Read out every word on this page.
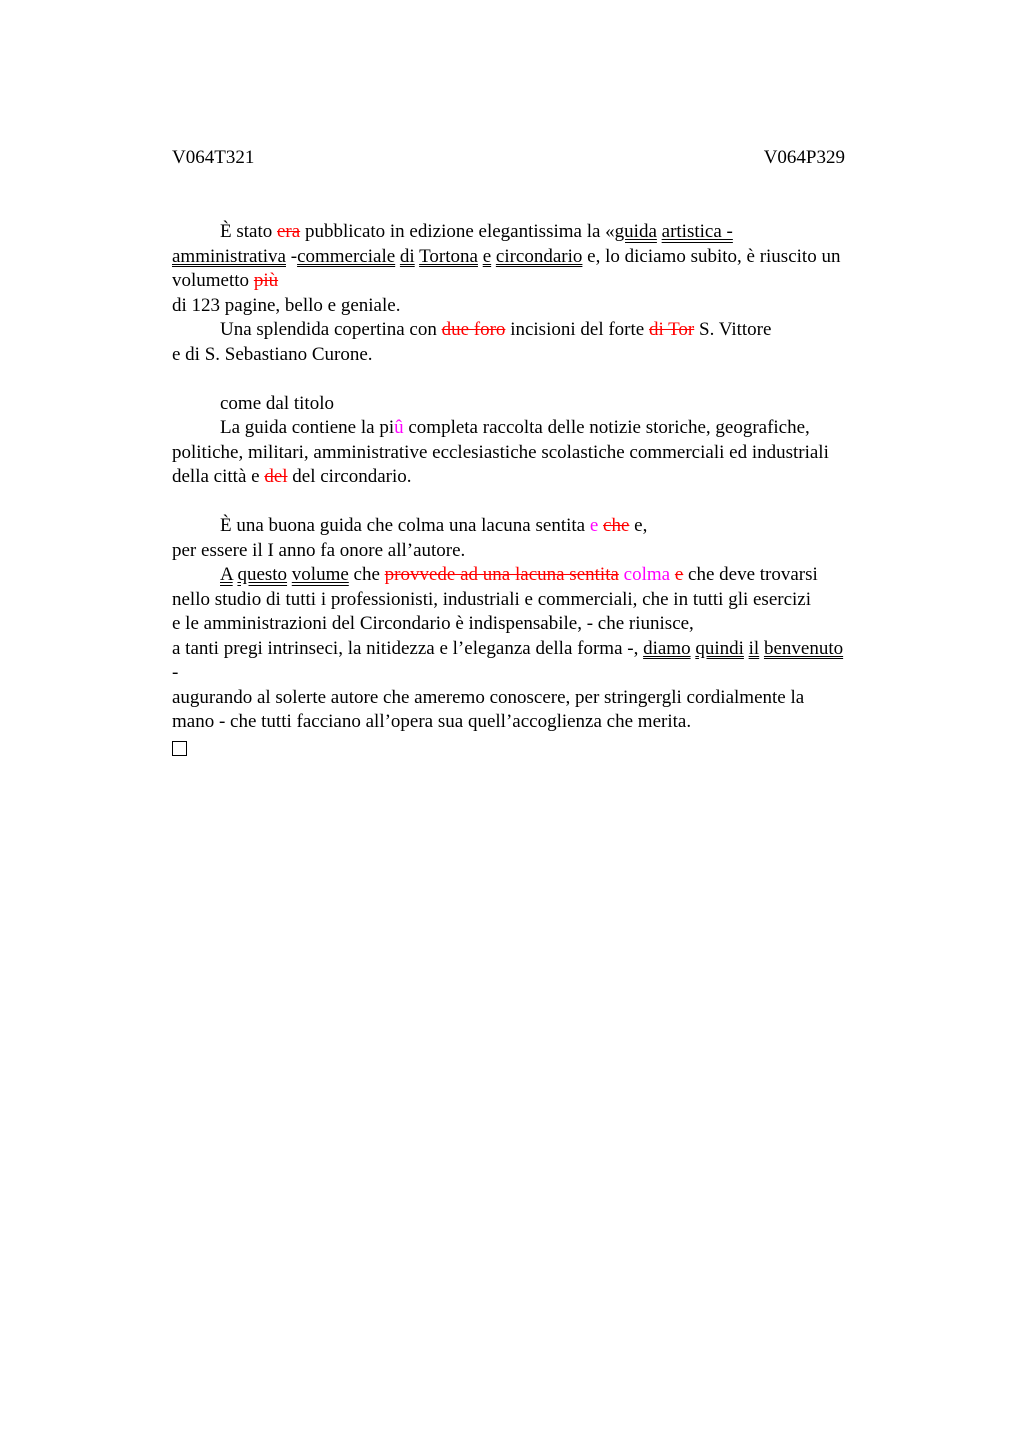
V064T321	V064P329
È stato era pubblicato in edizione elegantissima la «guida artistica -
amministrativa -commerciale di Tortona e circondario e, lo diciamo subito, è riuscito un
volumetto più
di 123 pagine, bello e geniale.
Una splendida copertina con due foro incisioni del forte di Tor S. Vittore
e di S. Sebastiano Curone.
come dal titolo
La guida contiene la piû completa raccolta delle notizie storiche, geografiche,
politiche, militari, amministrative ecclesiastiche scolastiche commerciali ed industriali
della città e del del circondario.
È una buona guida che colma una lacuna sentita e che e,
per essere il I anno fa onore all’autore.
A questo volume che provvede ad una lacuna sentita colma e che deve trovarsi
nello studio di tutti i professionisti, industriali e commerciali, che in tutti gli esercizi
e le amministrazioni del Circondario è indispensabile, - che riunisce,
a tanti pregi intrinseci, la nitidezza e l’eleganza della forma -, diamo quindi il benvenuto
-
augurando al solerte autore che ameremo conoscere, per stringergli cordialmente la
mano - che tutti facciano all’opera sua quell’accoglienza che merita.
